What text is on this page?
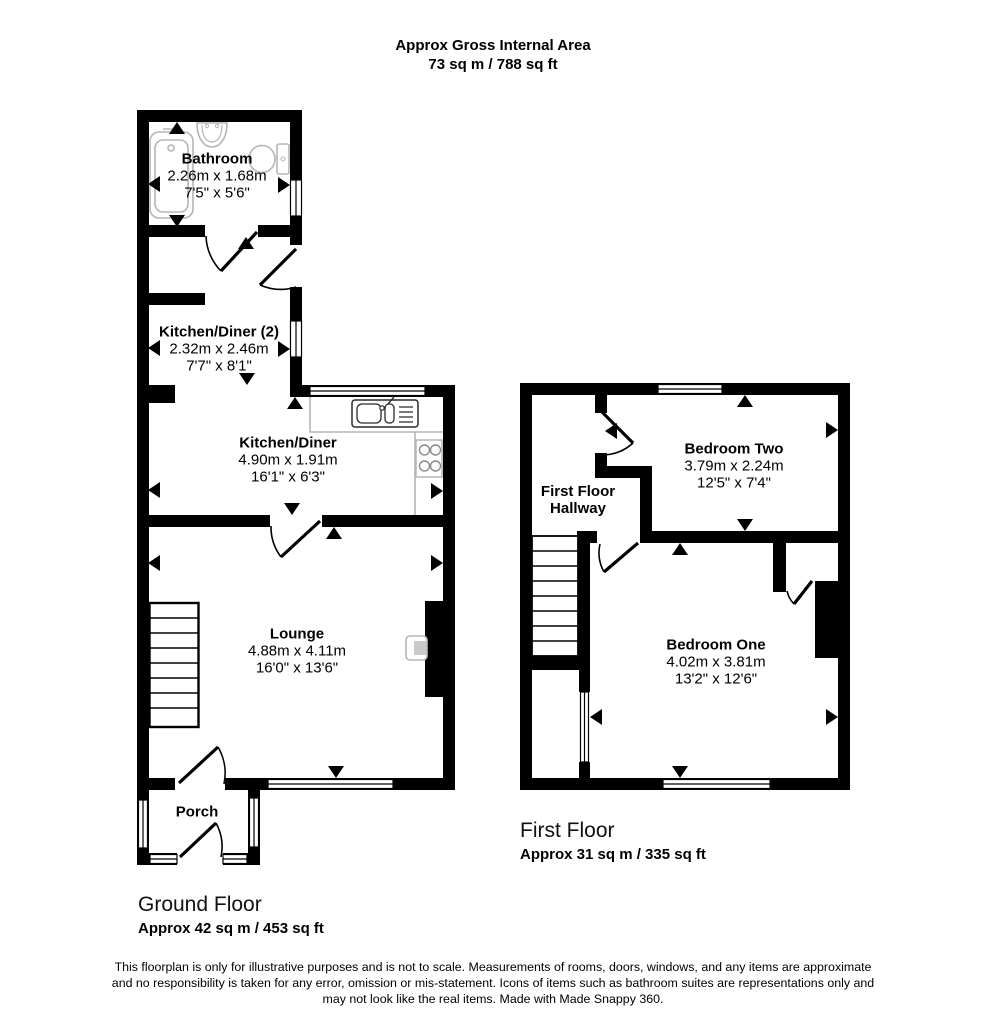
Approx Gross Internal Area
73 sq m / 788 sq ft
Bathroom
2.26m x 1.68m
7'5" x 5'6"
Kitchen/Diner (2)
2.32m x 2.46m
7'7" x 8'1"
Kitchen/Diner
4.90m x 1.91m
16'1" x 6'3"
Lounge
4.88m x 4.11m
16'0" x 13'6"
Porch
First Floor
Hallway
Bedroom Two
3.79m x 2.24m
12'5" x 7'4"
Bedroom One
4.02m x 3.81m
13'2" x 12'6"
Ground Floor
Approx 42 sq m / 453 sq ft
First Floor
Approx 31 sq m / 335 sq ft
This floorplan is only for illustrative purposes and is not to scale. Measurements of rooms, doors, windows, and any items are approximate
and no responsibility is taken for any error, omission or mis-statement. Icons of items such as bathroom suites are representations only and
may not look like the real items. Made with Made Snappy 360.
